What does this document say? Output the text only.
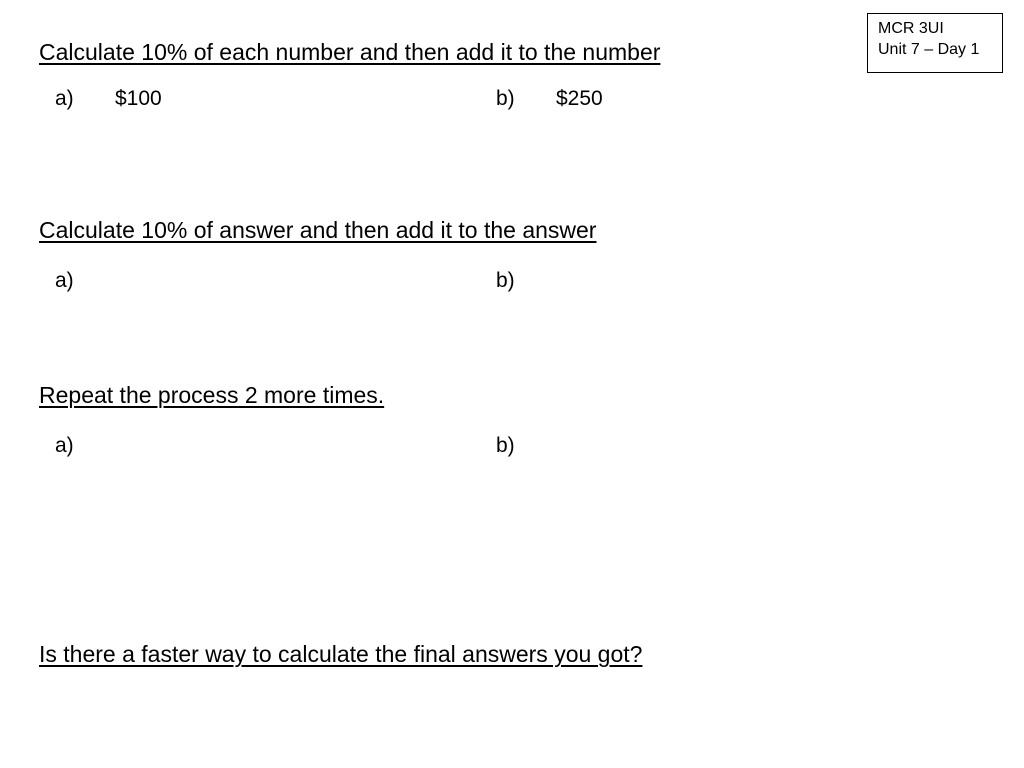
MCR 3UI
Unit 7 – Day 1
Calculate 10% of each number and then add it to the number
a) $100	b) $250
Calculate 10% of answer and then add it to the answer
a)	b)
Repeat the process 2 more times.
a)	b)
Is there a faster way to calculate the final answers you got?
